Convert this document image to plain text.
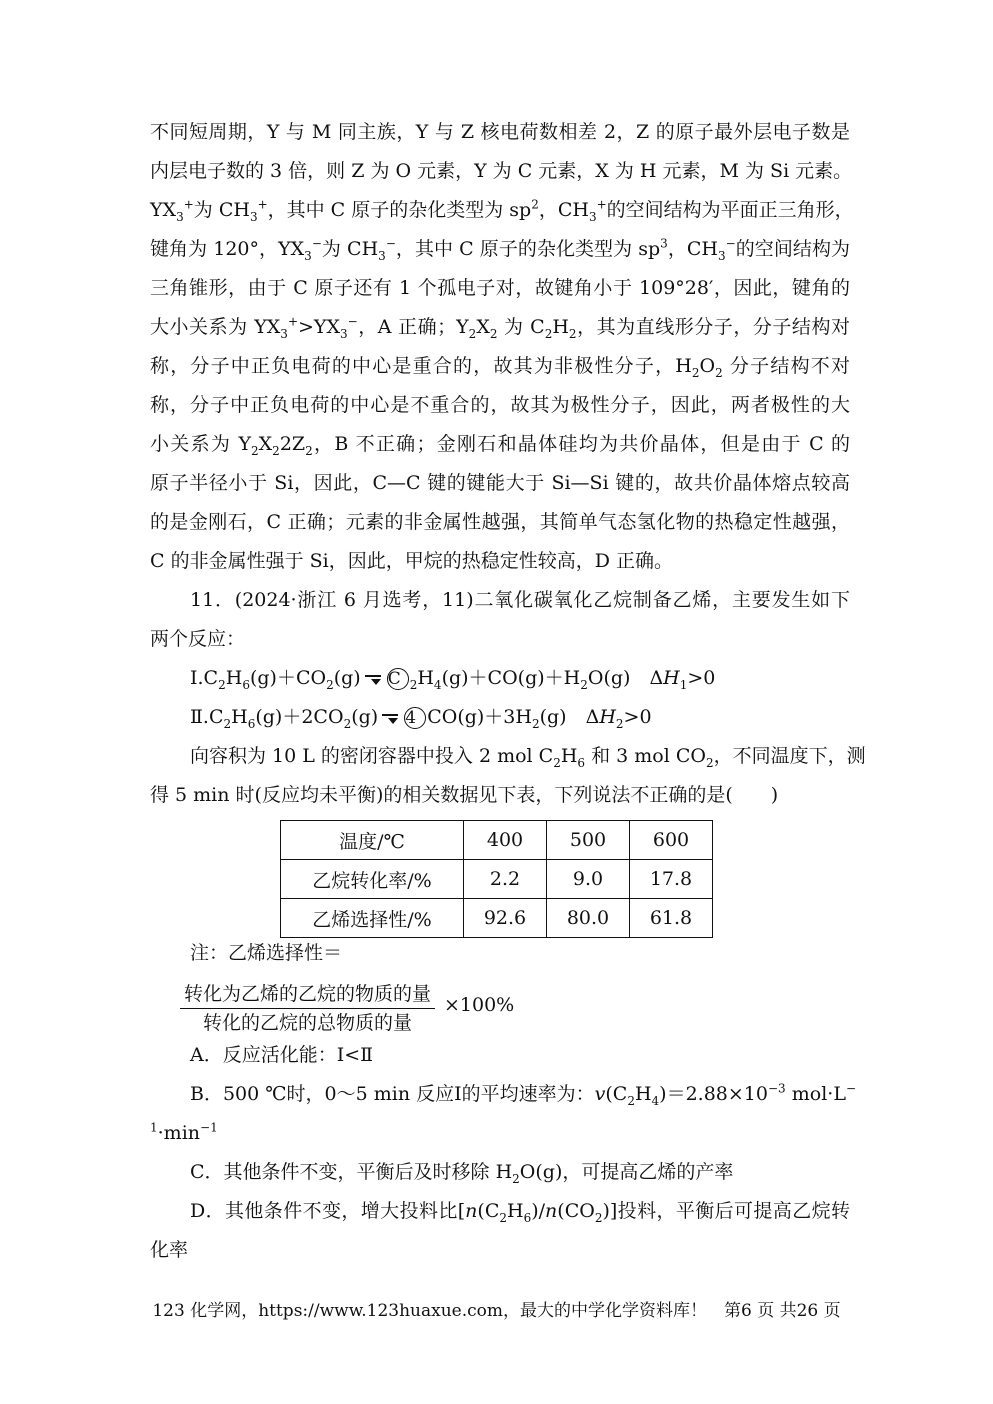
不同短周期，Y 与 M 同主族，Y 与 Z 核电荷数相差 2，Z 的原子最外层电子数是
内层电子数的 3 倍，则 Z 为 O 元素，Y 为 C 元素，X 为 H 元素，M 为 Si 元素。
$YX_3^+$为 $CH_3^+$，其中 C 原子的杂化类型为 $sp^2$，$CH_3^+$的空间结构为平面正三角形，
键角为 120°，$YX_3^-$为 $CH_3^-$，其中 C 原子的杂化类型为 $sp^3$，$CH_3^-$的空间结构为
三角锥形，由于 C 原子还有 1 个孤电子对，故键角小于 109°28′，因此，键角的
大小关系为 $YX_3^+>YX_3^-$，A 正确；$Y_2X_2$ 为 $C_2H_2$，其为直线形分子，分子结构对
称，分子中正负电荷的中心是重合的，故其为非极性分子，$H_2O_2$ 分子结构不对
称，分子中正负电荷的中心是不重合的，故其为极性分子，因此，两者极性的大
小关系为 $Y_2X_22Z_2$，B 不正确；金刚石和晶体硅均为共价晶体，但是由于 C 的
原子半径小于 Si，因此，C—C 键的键能大于 Si—Si 键的，故共价晶体熔点较高
的是金刚石，C 正确；元素的非金属性越强，其简单气态氢化物的热稳定性越强，
C 的非金属性强于 Si，因此，甲烷的热稳定性较高，D 正确。
11．(2024·浙江 6 月选考，11)二氧化碳氧化乙烷制备乙烯，主要发生如下
两个反应：
$Ⅰ.C_2H_6(g)+CO_2(g)$ C $_2H_4(g)+CO(g)+H_2O(g)$　$\Delta H_1>0$
$Ⅱ.C_2H_6(g)+2CO_2(g)$ 4 $CO(g)+3H_2(g)$　$\Delta H_2>0$
向容积为 10 L 的密闭容器中投入 2 mol $C_2H_6$ 和 3 mol $CO_2$，不同温度下，测
得 5 min 时(反应均未平衡)的相关数据见下表，下列说法不正确的是(　　)
温度/℃	400	500	600
乙烷转化率/%	2.2	9.0	17.8
乙烯选择性/%	92.6	80.0	61.8
注：乙烯选择性＝
转化为乙烯的乙烷的物质的量
转化的乙烷的总物质的量
×100%
A．反应活化能：Ⅰ<Ⅱ
B．500 ℃时，0～5 min 反应Ⅰ的平均速率为：$v(C_2H_4)=2.88\times 10^{-3}$ mol·L−
$^1\cdot\min^{-1}$
C．其他条件不变，平衡后及时移除 $H_2O(g)$，可提高乙烯的产率
D．其他条件不变，增大投料比$[n(C_2H_6)/n(CO_2)]$投料，平衡后可提高乙烷转
化率
123 化学网，https://www.123huaxue.com，最大的中学化学资料库！　第6 页 共26 页
